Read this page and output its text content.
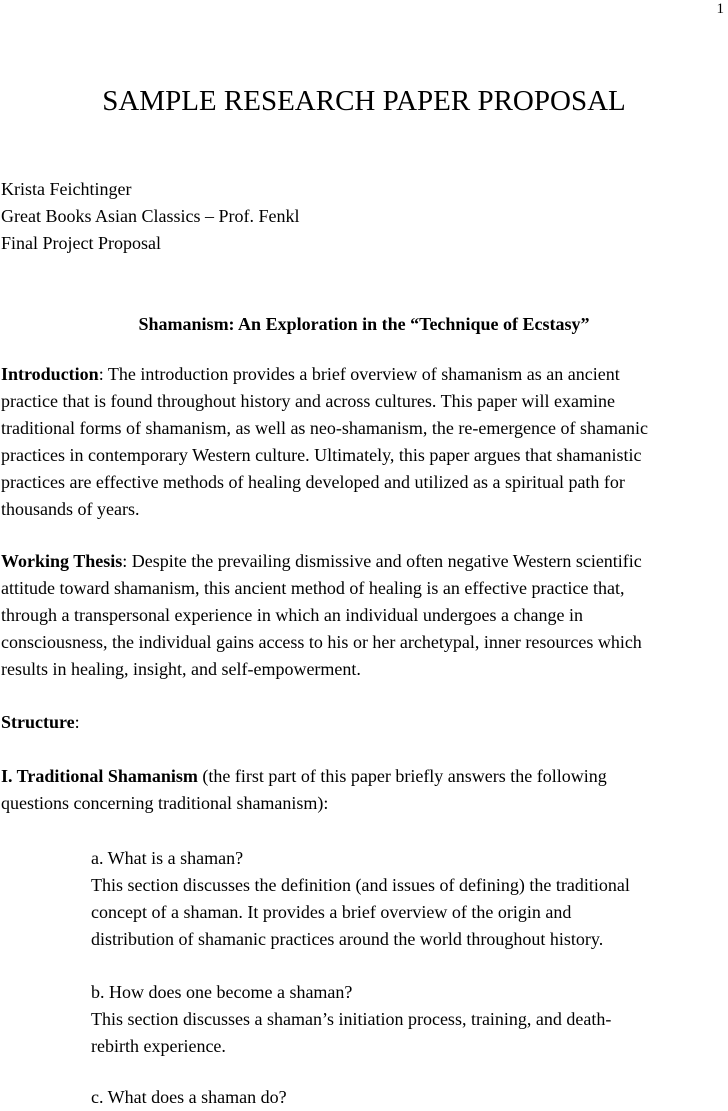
1
SAMPLE RESEARCH PAPER PROPOSAL
Krista Feichtinger
Great Books Asian Classics – Prof. Fenkl
Final Project Proposal
Shamanism: An Exploration in the “Technique of Ecstasy”
Introduction: The introduction provides a brief overview of shamanism as an ancient
practice that is found throughout history and across cultures. This paper will examine
traditional forms of shamanism, as well as neo-shamanism, the re-emergence of shamanic
practices in contemporary Western culture. Ultimately, this paper argues that shamanistic
practices are effective methods of healing developed and utilized as a spiritual path for
thousands of years.
Working Thesis: Despite the prevailing dismissive and often negative Western scientific
attitude toward shamanism, this ancient method of healing is an effective practice that,
through a transpersonal experience in which an individual undergoes a change in
consciousness, the individual gains access to his or her archetypal, inner resources which
results in healing, insight, and self-empowerment.
Structure:
I. Traditional Shamanism (the first part of this paper briefly answers the following
questions concerning traditional shamanism):
a. What is a shaman?
This section discusses the definition (and issues of defining) the traditional
concept of a shaman. It provides a brief overview of the origin and
distribution of shamanic practices around the world throughout history.
b. How does one become a shaman?
This section discusses a shaman’s initiation process, training, and death-
rebirth experience.
c. What does a shaman do?
